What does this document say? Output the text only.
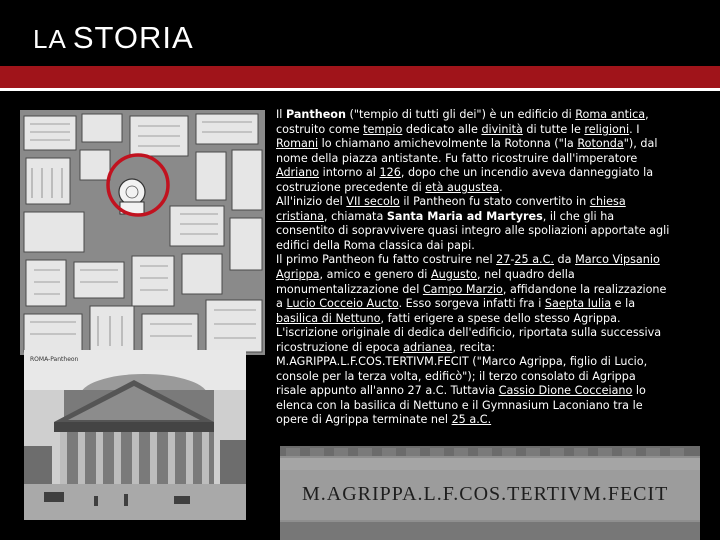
LA STORIA
ROMA-Pantheon
M.AGRIPPA.L.F.COS.TERTIVM.FECIT

Il Pantheon ("tempio di tutti gli dei") è un edificio di Roma antica,
costruito come tempio dedicato alle divinità di tutte le religioni. I
Romani lo chiamano amichevolmente la Rotonna ("la Rotonda"), dal
nome della piazza antistante. Fu fatto ricostruire dall'imperatore
Adriano intorno al 126, dopo che un incendio aveva danneggiato la
costruzione precedente di età augustea.

All'inizio del VII secolo il Pantheon fu stato convertito in chiesa
cristiana, chiamata Santa Maria ad Martyres, il che gli ha
consentito di sopravvivere quasi integro alle spoliazioni apportate agli
edifici della Roma classica dai papi.

Il primo Pantheon fu fatto costruire nel 27-25 a.C. da Marco Vipsanio
Agrippa, amico e genero di Augusto, nel quadro della
monumentalizzazione del Campo Marzio, affidandone la realizzazione
a Lucio Cocceio Aucto. Esso sorgeva infatti fra i Saepta Iulia e la
basilica di Nettuno, fatti erigere a spese dello stesso Agrippa.
L'iscrizione originale di dedica dell'edificio, riportata sulla successiva
ricostruzione di epoca adrianea, recita:
M.AGRIPPA.L.F.COS.TERTIVM.FECIT ("Marco Agrippa, figlio di Lucio,
console per la terza volta, edificò"); il terzo consolato di Agrippa
risale appunto all'anno 27 a.C. Tuttavia Cassio Dione Cocceiano lo
elenca con la basilica di Nettuno e il Gymnasium Laconiano tra le
opere di Agrippa terminate nel 25 a.C.
